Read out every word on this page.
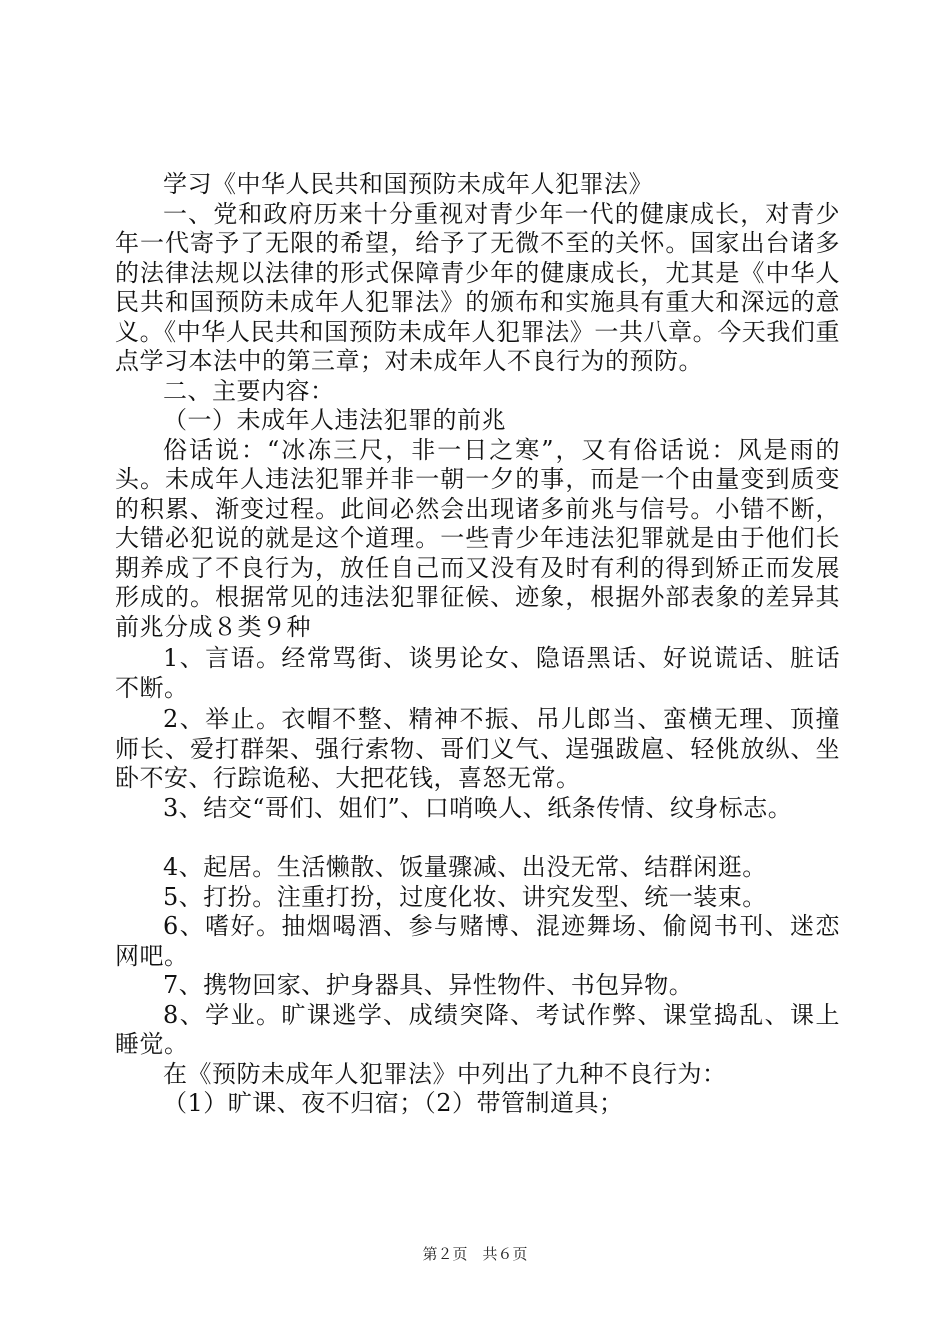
学习《中华人民共和国预防未成年人犯罪法》

一、党和政府历来十分重视对青少年一代的健康成长，对青少年一代寄予了无限的希望，给予了无微不至的关怀。国家出台诸多的法律法规以法律的形式保障青少年的健康成长，尤其是《中华人民共和国预防未成年人犯罪法》的颁布和实施具有重大和深远的意义。《中华人民共和国预防未成年人犯罪法》一共八章。今天我们重点学习本法中的第三章；对未成年人不良行为的预防。

二、主要内容：

（一）未成年人违法犯罪的前兆

俗话说：“冰冻三尺，非一日之寒”，又有俗话说：风是雨的头。未成年人违法犯罪并非一朝一夕的事，而是一个由量变到质变的积累、渐变过程。此间必然会出现诸多前兆与信号。小错不断，大错必犯说的就是这个道理。一些青少年违法犯罪就是由于他们长期养成了不良行为，放任自己而又没有及时有利的得到矫正而发展形成的。根据常见的违法犯罪征候、迹象，根据外部表象的差异其前兆分成８类９种

1、言语。经常骂街、谈男论女、隐语黑话、好说谎话、脏话不断。

2、举止。衣帽不整、精神不振、吊儿郎当、蛮横无理、顶撞师长、爱打群架、强行索物、哥们义气、逞强跋扈、轻佻放纵、坐卧不安、行踪诡秘、大把花钱，喜怒无常。

3、结交“哥们、姐们”、口哨唤人、纸条传情、纹身标志。

4、起居。生活懒散、饭量骤减、出没无常、结群闲逛。

5、打扮。注重打扮，过度化妆、讲究发型、统一装束。

6、嗜好。抽烟喝酒、参与赌博、混迹舞场、偷阅书刊、迷恋网吧。

7、携物回家、护身器具、异性物件、书包异物。

8、学业。旷课逃学、成绩突降、考试作弊、课堂捣乱、课上睡觉。

在《预防未成年人犯罪法》中列出了九种不良行为：

（1）旷课、夜不归宿；（2）带管制道具；

第２页　共６页
